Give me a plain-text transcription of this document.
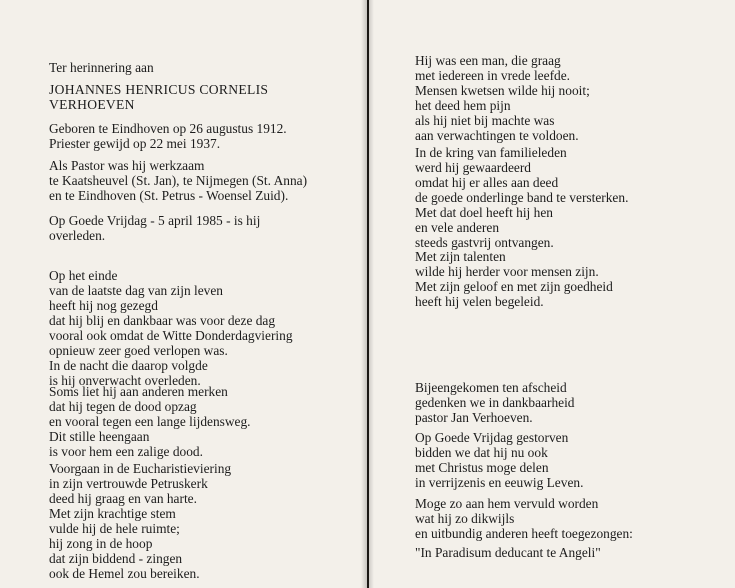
Ter herinnering aan
JOHANNES HENRICUS CORNELIS
VERHOEVEN
Geboren te Eindhoven op 26 augustus 1912.
Priester gewijd op 22 mei 1937.
Als Pastor was hij werkzaam
te Kaatsheuvel (St. Jan), te Nijmegen (St. Anna)
en te Eindhoven (St. Petrus - Woensel Zuid).
Op Goede Vrijdag - 5 april 1985 - is hij
overleden.
Op het einde
van de laatste dag van zijn leven
heeft hij nog gezegd
dat hij blij en dankbaar was voor deze dag
vooral ook omdat de Witte Donderdagviering
opnieuw zeer goed verlopen was.
In de nacht die daarop volgde
is hij onverwacht overleden.
Soms liet hij aan anderen merken
dat hij tegen de dood opzag
en vooral tegen een lange lijdensweg.
Dit stille heengaan
is voor hem een zalige dood.
Voorgaan in de Eucharistieviering
in zijn vertrouwde Petruskerk
deed hij graag en van harte.
Met zijn krachtige stem
vulde hij de hele ruimte;
hij zong in de hoop
dat zijn biddend - zingen
ook de Hemel zou bereiken.
Hij was een man, die graag
met iedereen in vrede leefde.
Mensen kwetsen wilde hij nooit;
het deed hem pijn
als hij niet bij machte was
aan verwachtingen te voldoen.
In de kring van familieleden
werd hij gewaardeerd
omdat hij er alles aan deed
de goede onderlinge band te versterken.
Met dat doel heeft hij hen
en vele anderen
steeds gastvrij ontvangen.
Met zijn talenten
wilde hij herder voor mensen zijn.
Met zijn geloof en met zijn goedheid
heeft hij velen begeleid.
Bijeengekomen ten afscheid
gedenken we in dankbaarheid
pastor Jan Verhoeven.
Op Goede Vrijdag gestorven
bidden we dat hij nu ook
met Christus moge delen
in verrijzenis en eeuwig Leven.
Moge zo aan hem vervuld worden
wat hij zo dikwijls
en uitbundig anderen heeft toegezongen:
"In Paradisum deducant te Angeli"
